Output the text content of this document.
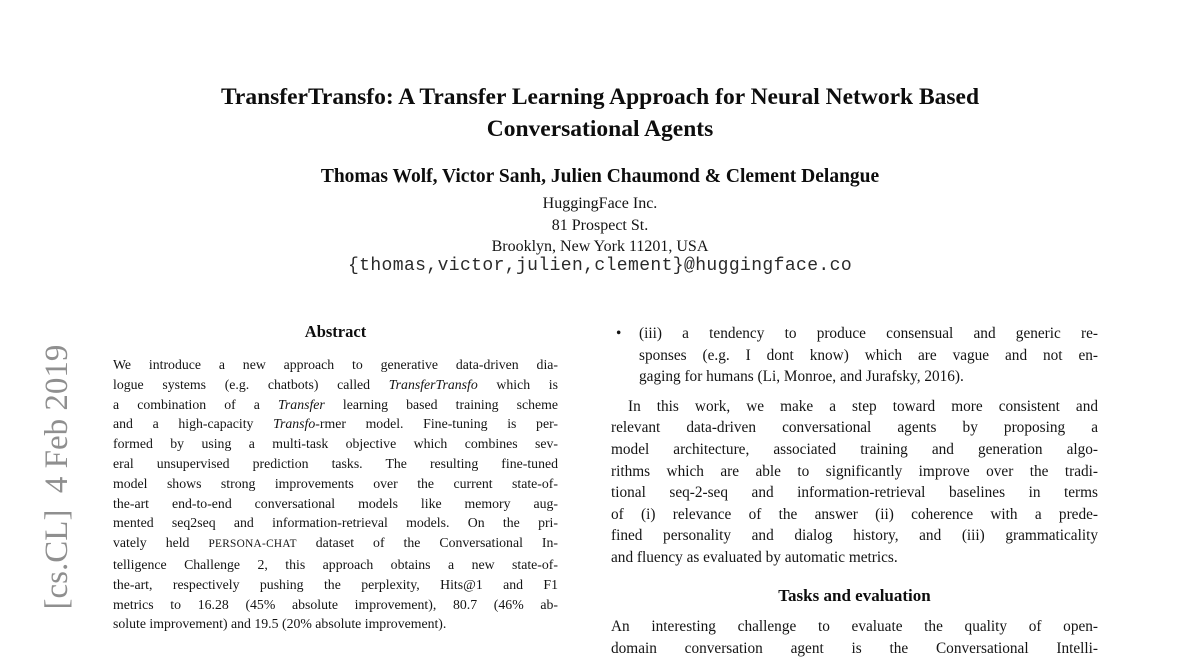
[cs.CL]  4 Feb 2019
TransferTransfo: A Transfer Learning Approach for Neural Network Based
Conversational Agents
Thomas Wolf, Victor Sanh, Julien Chaumond & Clement Delangue
HuggingFace Inc.
81 Prospect St.
Brooklyn, New York 11201, USA
{thomas,victor,julien,clement}@huggingface.co
Abstract
We introduce a new approach to generative data-driven dia-
logue systems (e.g. chatbots) called TransferTransfo which is
a combination of a Transfer learning based training scheme
and a high-capacity Transfo-rmer model. Fine-tuning is per-
formed by using a multi-task objective which combines sev-
eral unsupervised prediction tasks. The resulting fine-tuned
model shows strong improvements over the current state-of-
the-art end-to-end conversational models like memory aug-
mented seq2seq and information-retrieval models. On the pri-
vately held PERSONA-CHAT dataset of the Conversational In-
telligence Challenge 2, this approach obtains a new state-of-
the-art, respectively pushing the perplexity, Hits@1 and F1
metrics to 16.28 (45% absolute improvement), 80.7 (46% ab-
solute improvement) and 19.5 (20% absolute improvement).
•	(iii) a tendency to produce consensual and generic re-
sponses (e.g. I dont know) which are vague and not en-
gaging for humans (Li, Monroe, and Jurafsky, 2016).
In this work, we make a step toward more consistent and
relevant data-driven conversational agents by proposing a
model architecture, associated training and generation algo-
rithms which are able to significantly improve over the tradi-
tional seq-2-seq and information-retrieval baselines in terms
of (i) relevance of the answer (ii) coherence with a prede-
fined personality and dialog history, and (iii) grammaticality
and fluency as evaluated by automatic metrics.
Tasks and evaluation
An interesting challenge to evaluate the quality of open-
domain conversation agent is the Conversational Intelli-
